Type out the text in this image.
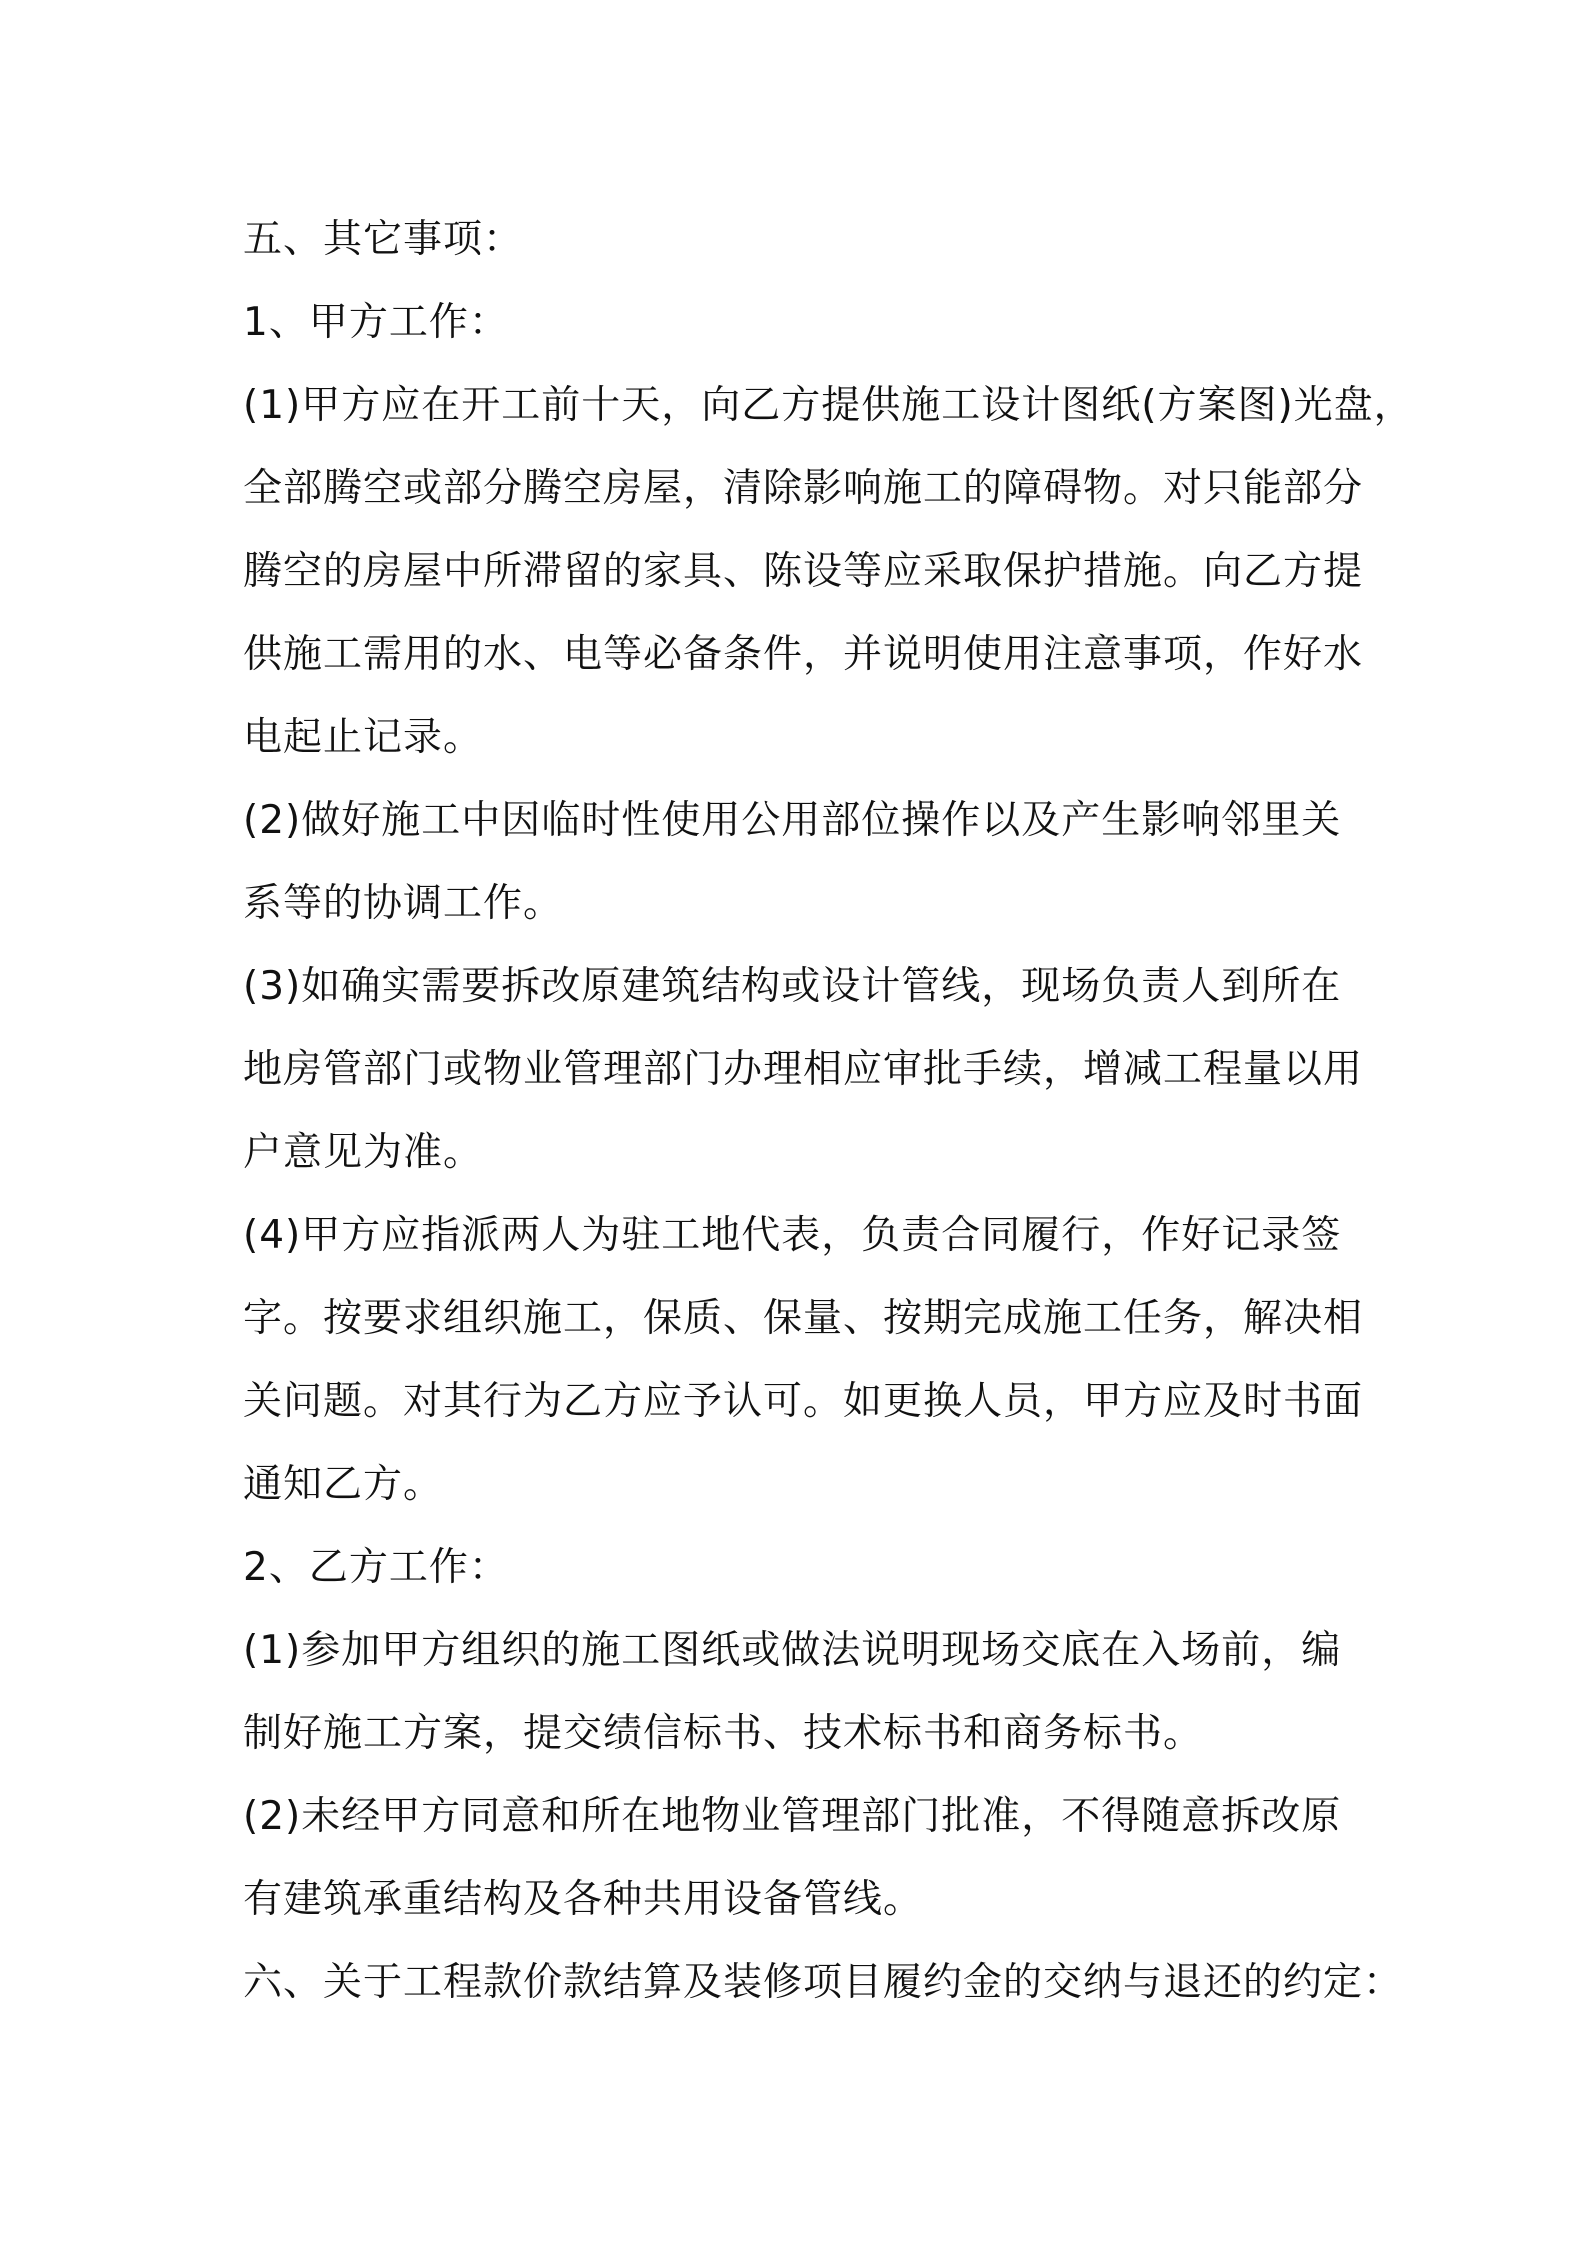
五、其它事项：

1、甲方工作：

(1)甲方应在开工前十天，向乙方提供施工设计图纸(方案图)光盘，

全部腾空或部分腾空房屋，清除影响施工的障碍物。对只能部分

腾空的房屋中所滞留的家具、陈设等应采取保护措施。向乙方提

供施工需用的水、电等必备条件，并说明使用注意事项，作好水

电起止记录。

(2)做好施工中因临时性使用公用部位操作以及产生影响邻里关

系等的协调工作。

(3)如确实需要拆改原建筑结构或设计管线，现场负责人到所在

地房管部门或物业管理部门办理相应审批手续，增减工程量以用

户意见为准。

(4)甲方应指派两人为驻工地代表，负责合同履行，作好记录签

字。按要求组织施工，保质、保量、按期完成施工任务，解决相

关问题。对其行为乙方应予认可。如更换人员，甲方应及时书面

通知乙方。

2、乙方工作：

(1)参加甲方组织的施工图纸或做法说明现场交底在入场前，编

制好施工方案，提交绩信标书、技术标书和商务标书。

(2)未经甲方同意和所在地物业管理部门批准，不得随意拆改原

有建筑承重结构及各种共用设备管线。

六、关于工程款价款结算及装修项目履约金的交纳与退还的约定：
